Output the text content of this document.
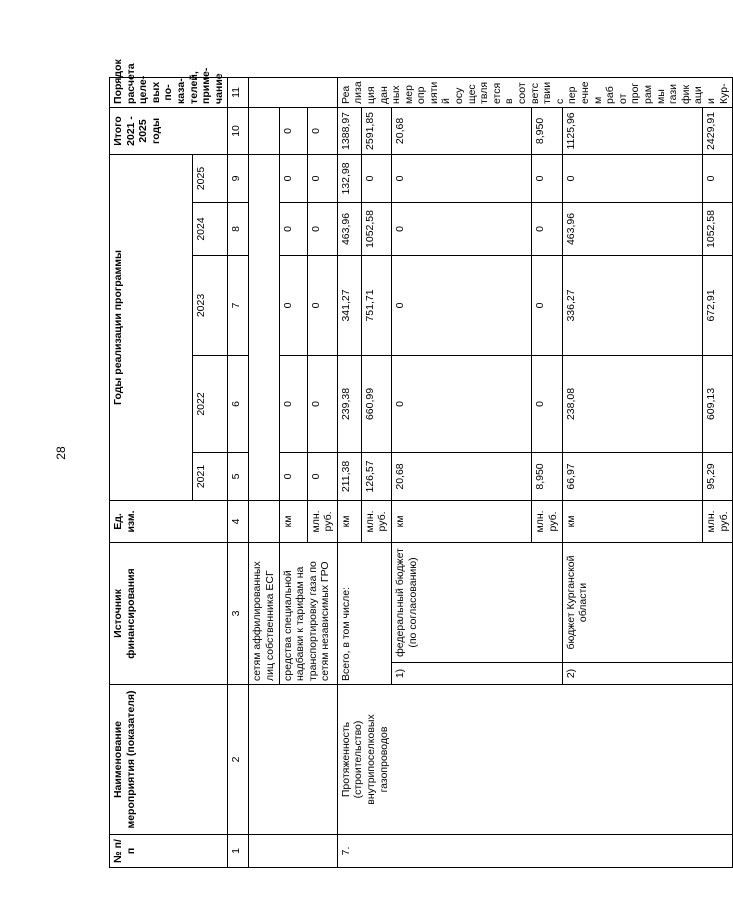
28
№ п/п	Наименование мероприятия (показателя)	Источник финансирования		Ед. изм.	Годы реализации программы					Итого 2021 - 2025 годы	Порядок расчета целе-вых по-каза-телей, приме-чание
					2021	2022	2023	2024	2025		
1	2	3		4	5	6	7	8	9	10	11
		сетям аффилированных лиц собственника ЕСГ									
		средства специальной надбавки к тарифам на транспортировку газа по сетям независимых ГРО		км	0	0	0	0	0	0	
				млн. руб.	0	0	0	0	0	0	
7.	Протяженность (строительство) внутрипоселковых газопроводов	Всего, в том числе:		км	211,38	239,38	341,27	463,96	132,98	1388,97	Реализация данных мероприятий осуществляется в соответствии с перечнем работ программы газификации Кур-
				млн. руб.	126,57	660,99	751,71	1052,58	0	2591,85	
		1)	федеральный бюджет (по согласованию)	км	20,68	0	0	0	0	20,68	
				млн. руб.	8,950	0	0	0	0	8,950	
		2)	бюджет Курганской области	км	66,97	238,08	336,27	463,96	0	1125,96	
				млн. руб.	95,29	609,13	672,91	1052,58	0	2429,91	
